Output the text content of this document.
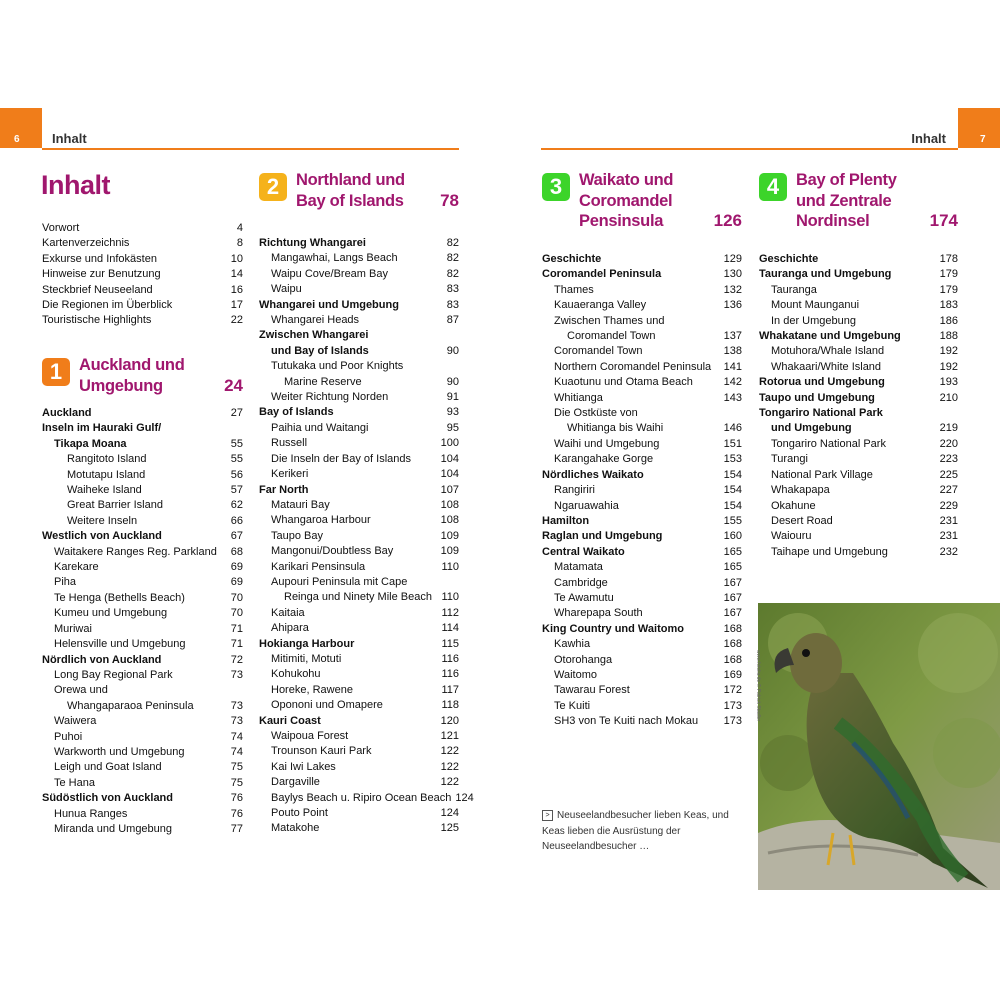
6	Inhalt	7
Inhalt
Inhalt
Vorwort	4
Kartenverzeichnis	8
Exkurse und Infokästen	10
Hinweise zur Benutzung	14
Steckbrief Neuseeland	16
Die Regionen im Überblick	17
Touristische Highlights	22
1	Auckland und
Umgebung	24
Auckland	27
Inseln im Hauraki Gulf/
Tikapa Moana	55
Rangitoto Island	55
Motutapu Island	56
Waiheke Island	57
Great Barrier Island	62
Weitere Inseln	66
Westlich von Auckland	67
Waitakere Ranges Reg. Parkland	68
Karekare	69
Piha	69
Te Henga (Bethells Beach)	70
Kumeu und Umgebung	70
Muriwai	71
Helensville und Umgebung	71
Nördlich von Auckland	72
Long Bay Regional Park	73
Orewa und
Whangaparaoa Peninsula	73
Waiwera	73
Puhoi	74
Warkworth und Umgebung	74
Leigh und Goat Island	75
Te Hana	75
Südöstlich von Auckland	76
Hunua Ranges	76
Miranda und Umgebung	77
2	Northland und
Bay of Islands 78
Richtung Whangarei	82
Mangawhai, Langs Beach	82
Waipu Cove/Bream Bay	82
Waipu	83
Whangarei und Umgebung	83
Whangarei Heads	87
Zwischen Whangarei
und Bay of Islands	90
Tutukaka und Poor Knights
Marine Reserve	90
Weiter Richtung Norden	91
Bay of Islands	93
Paihia und Waitangi	95
Russell	100
Die Inseln der Bay of Islands	104
Kerikeri	104
Far North	107
Matauri Bay	108
Whangaroa Harbour	108
Taupo Bay	109
Mangonui/Doubtless Bay	109
Karikari Pensinsula	110
Aupouri Peninsula mit Cape
Reinga und Ninety Mile Beach 110
Kaitaia	112
Ahipara	114
Hokianga Harbour	115
Mitimiti, Motuti	116
Kohukohu	116
Horeke, Rawene	117
Opononi und Omapere	118
Kauri Coast	120
Waipoua Forest	121
Trounson Kauri Park	122
Kai Iwi Lakes	122
Dargaville	122
Baylys Beach u. Ripiro Ocean Beach 124
Pouto Point	124
Matakohe	125
3	Waikato und
Coromandel
Pensinsula	126
Geschichte	129
Coromandel Peninsula	130
Thames	132
Kauaeranga Valley	136
Zwischen Thames und
Coromandel Town	137
Coromandel Town	138
Northern Coromandel Peninsula	141
Kuaotunu und Otama Beach	142
Whitianga	143
Die Ostküste von
Whitianga bis Waihi	146
Waihi und Umgebung	151
Karangahake Gorge	153
Nördliches Waikato	154
Rangiriri	154
Ngaruawahia	154
Hamilton	155
Raglan und Umgebung	160
Central Waikato	165
Matamata	165
Cambridge	167
Te Awamutu	167
Wharepapa South	167
King Country und Waitomo	168
Kawhia	168
Otorohanga	168
Waitomo	169
Tawarau Forest	172
Te Kuiti	173
SH3 von Te Kuiti nach Mokau	173
4	Bay of Plenty
und Zentrale
Nordinsel	174
Geschichte	178
Tauranga und Umgebung	179
Tauranga	179
Mount Maunganui	183
In der Umgebung	186
Whakatane und Umgebung	188
Motuhora/Whale Island	192
Whakaari/White Island	192
Rotorua und Umgebung	193
Taupo und Umgebung	210
Tongariro National Park
und Umgebung	219
Tongariro National Park	220
Turangi	223
National Park Village	225
Whakapapa	227
Okahune	229
Desert Road	231
Waiouru	231
Taihape und Umgebung	232
www.fotolia.de © Patrick Stadler
> Neuseelandbesucher lieben Keas, und Keas lieben die Ausrüstung der Neuseelandbesucher …
